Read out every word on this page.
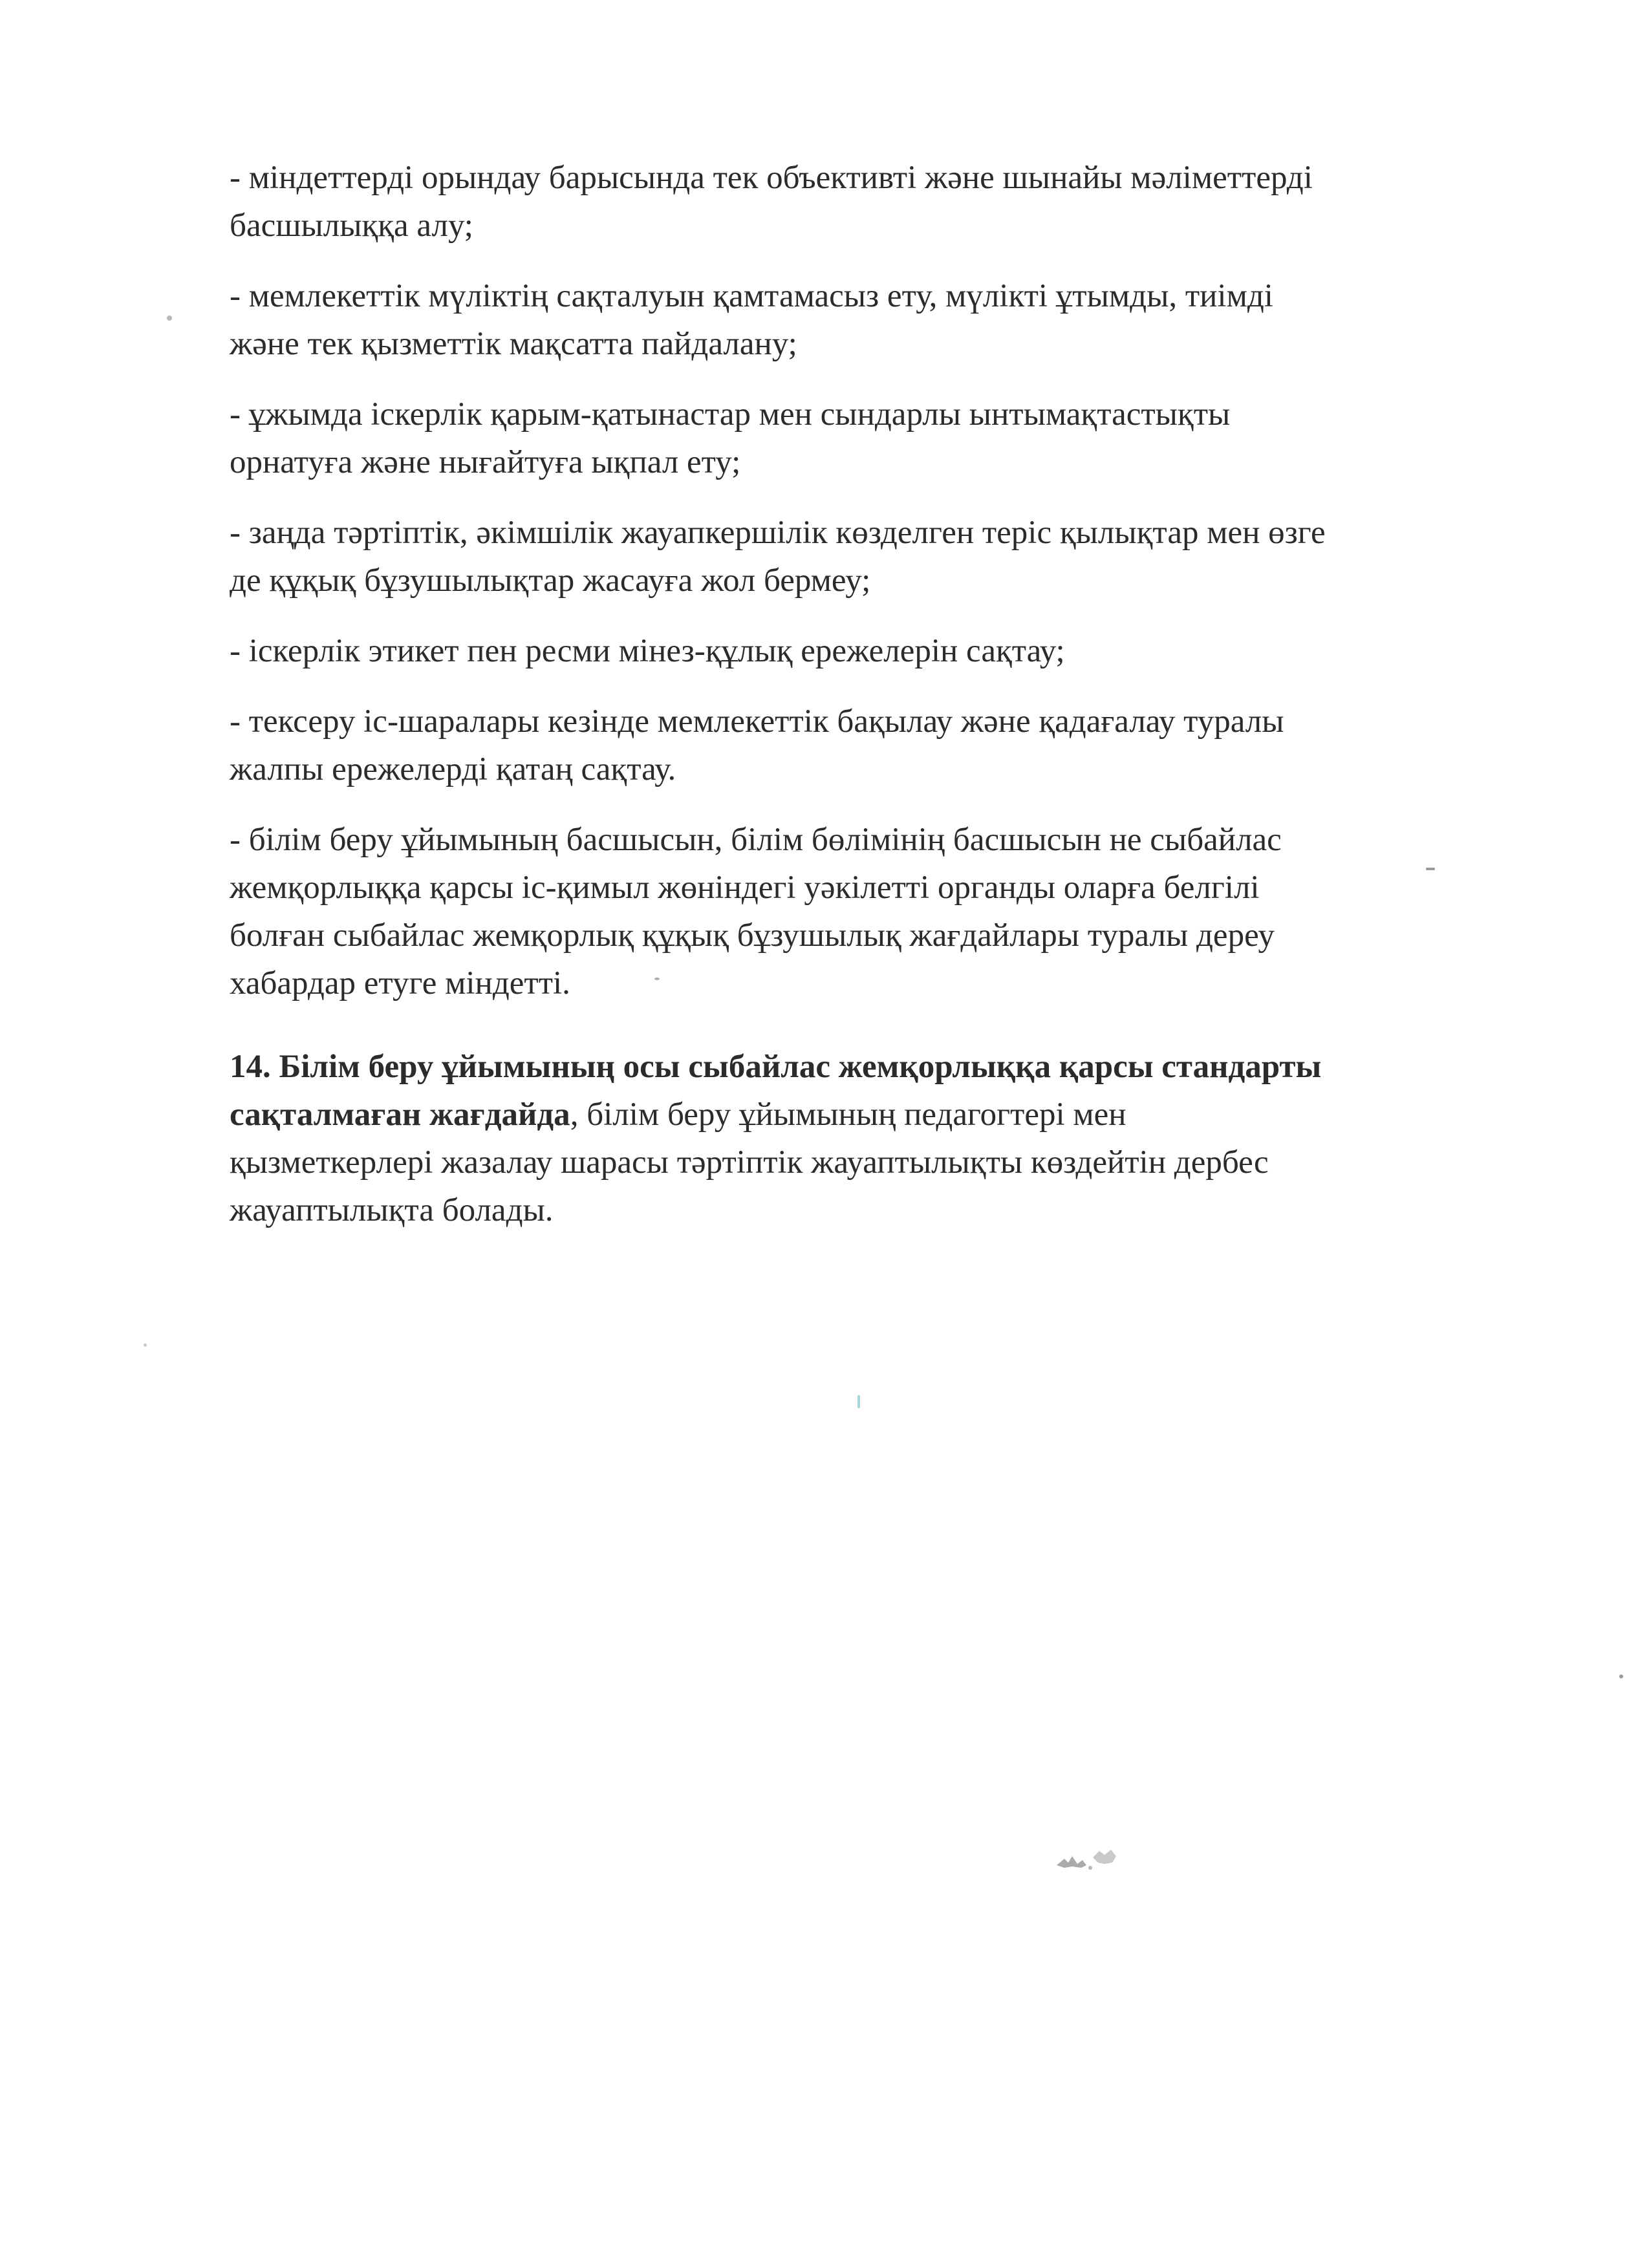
- міндеттерді орындау барысында тек объективті және шынайы мәліметтерді
басшылыққа алу;

- мемлекеттік мүліктің сақталуын қамтамасыз ету, мүлікті ұтымды, тиімді
және тек қызметтік мақсатта пайдалану;

- ұжымда іскерлік қарым-қатынастар мен сындарлы ынтымақтастықты
орнатуға және нығайтуға ықпал ету;

- заңда тәртіптік, әкімшілік жауапкершілік көзделген теріс қылықтар мен өзге
де құқық бұзушылықтар жасауға жол бермеу;

- іскерлік этикет пен ресми мінез-құлық ережелерін сақтау;

- тексеру іс-шаралары кезінде мемлекеттік бақылау және қадағалау туралы
жалпы ережелерді қатаң сақтау.

- білім беру ұйымының басшысын, білім бөлімінің басшысын не сыбайлас
жемқорлыққа қарсы іс-қимыл жөніндегі уәкілетті органды оларға белгілі
болған сыбайлас жемқорлық құқық бұзушылық жағдайлары туралы дереу
хабардар етуге міндетті.

14. Білім беру ұйымының осы сыбайлас жемқорлыққа қарсы стандарты
сақталмаған жағдайда, білім беру ұйымының педагогтері мен
қызметкерлері жазалау шарасы тәртіптік жауаптылықты көздейтін дербес
жауаптылықта болады.
